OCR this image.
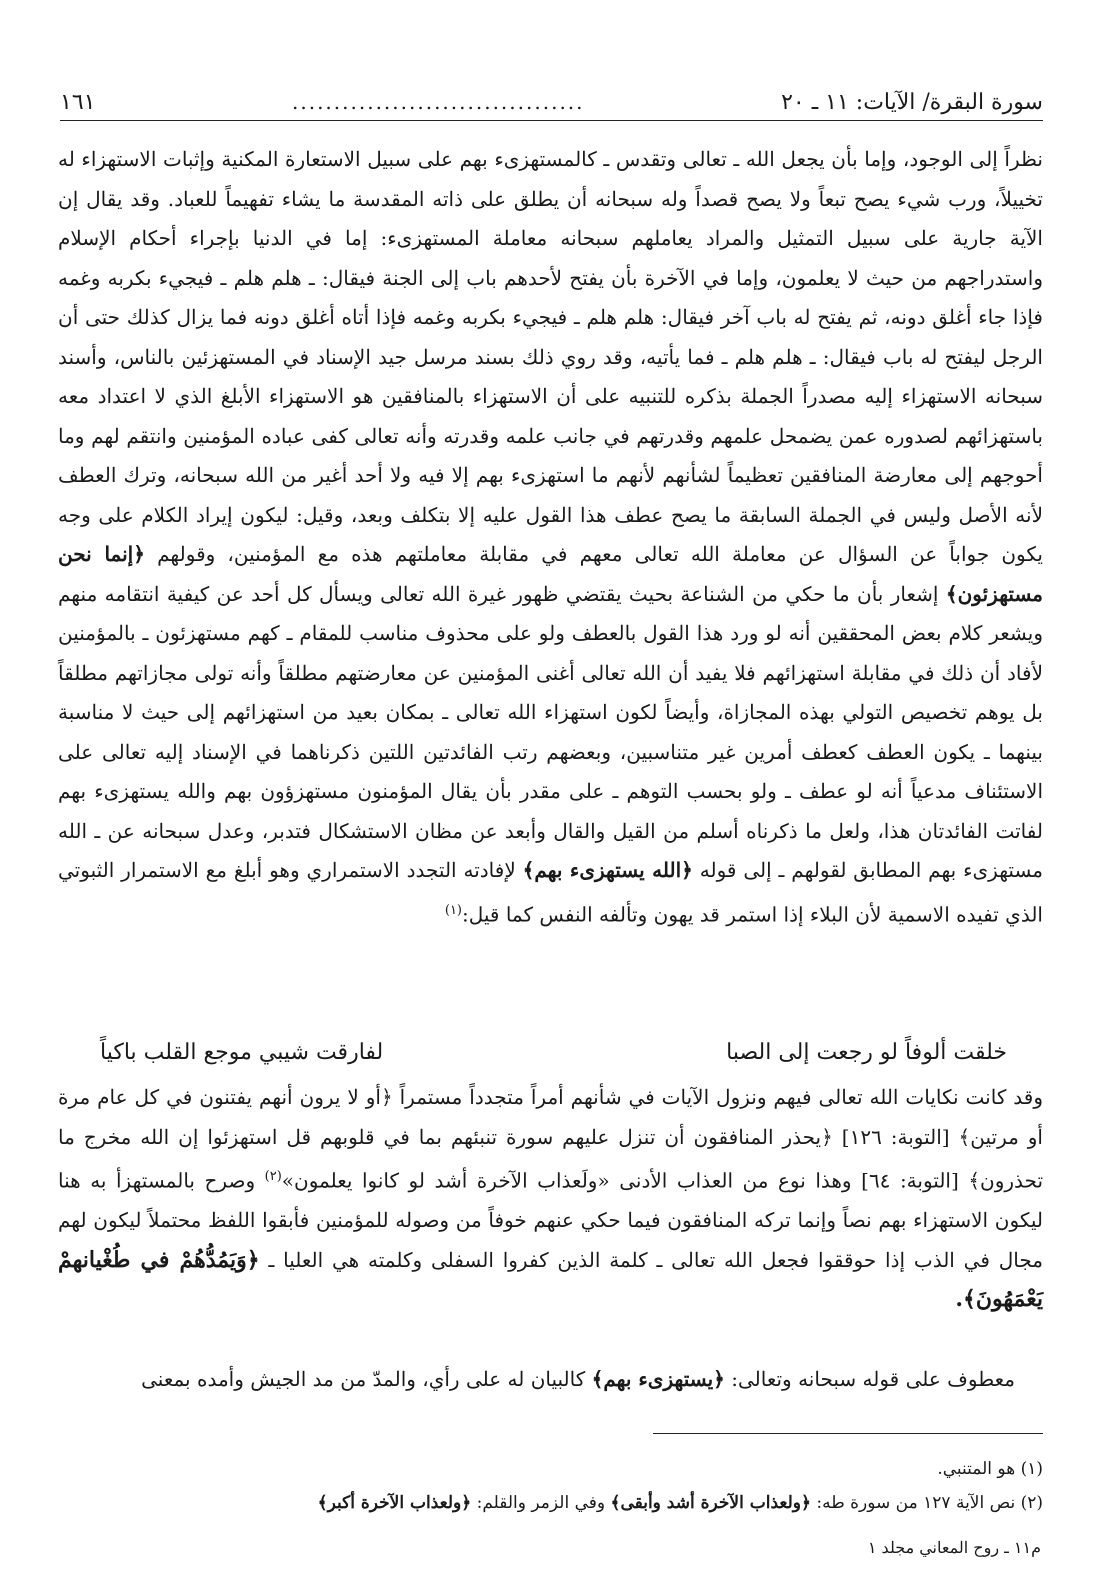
سورة البقرة/ الآيات: ١١ ـ ٢٠
...................................
١٦١

نظراً إلى الوجود، وإما بأن يجعل الله ـ تعالى وتقدس ـ كالمستهزىء بهم على سبيل الاستعارة المكنية وإثبات الاستهزاء له تخييلاً، ورب شيء يصح تبعاً ولا يصح قصداً وله سبحانه أن يطلق على ذاته المقدسة ما يشاء تفهيماً للعباد. وقد يقال إن الآية جارية على سبيل التمثيل والمراد يعاملهم سبحانه معاملة المستهزىء: إما في الدنيا بإجراء أحكام الإسلام واستدراجهم من حيث لا يعلمون، وإما في الآخرة بأن يفتح لأحدهم باب إلى الجنة فيقال: ـ هلم هلم ـ فيجيء بكربه وغمه فإذا جاء أغلق دونه، ثم يفتح له باب آخر فيقال: هلم هلم ـ فيجيء بكربه وغمه فإذا أتاه أغلق دونه فما يزال كذلك حتى أن الرجل ليفتح له باب فيقال: ـ هلم هلم ـ فما يأتيه، وقد روي ذلك بسند مرسل جيد الإسناد في المستهزئين بالناس، وأسند سبحانه الاستهزاء إليه مصدراً الجملة بذكره للتنبيه على أن الاستهزاء بالمنافقين هو الاستهزاء الأبلغ الذي لا اعتداد معه باستهزائهم لصدوره عمن يضمحل علمهم وقدرتهم في جانب علمه وقدرته وأنه تعالى كفى عباده المؤمنين وانتقم لهم وما أحوجهم إلى معارضة المنافقين تعظيماً لشأنهم لأنهم ما استهزىء بهم إلا فيه ولا أحد أغير من الله سبحانه، وترك العطف لأنه الأصل وليس في الجملة السابقة ما يصح عطف هذا القول عليه إلا بتكلف وبعد، وقيل: ليكون إيراد الكلام على وجه يكون جواباً عن السؤال عن معاملة الله تعالى معهم في مقابلة معاملتهم هذه مع المؤمنين، وقولهم ﴿إنما نحن مستهزئون﴾ إشعار بأن ما حكي من الشناعة بحيث يقتضي ظهور غيرة الله تعالى ويسأل كل أحد عن كيفية انتقامه منهم ويشعر كلام بعض المحققين أنه لو ورد هذا القول بالعطف ولو على محذوف مناسب للمقام ـ كهم مستهزئون ـ بالمؤمنين لأفاد أن ذلك في مقابلة استهزائهم فلا يفيد أن الله تعالى أغنى المؤمنين عن معارضتهم مطلقاً وأنه تولى مجازاتهم مطلقاً بل يوهم تخصيص التولي بهذه المجازاة، وأيضاً لكون استهزاء الله تعالى ـ بمكان بعيد من استهزائهم إلى حيث لا مناسبة بينهما ـ يكون العطف كعطف أمرين غير متناسبين، وبعضهم رتب الفائدتين اللتين ذكرناهما في الإسناد إليه تعالى على الاستئناف مدعياً أنه لو عطف ـ ولو بحسب التوهم ـ على مقدر بأن يقال المؤمنون مستهزؤون بهم والله يستهزىء بهم لفاتت الفائدتان هذا، ولعل ما ذكرناه أسلم من القيل والقال وأبعد عن مظان الاستشكال فتدبر، وعدل سبحانه عن ـ الله مستهزىء بهم المطابق لقولهم ـ إلى قوله ﴿الله يستهزىء بهم﴾ لإفادته التجدد الاستمراري وهو أبلغ مع الاستمرار الثبوتي الذي تفيده الاسمية لأن البلاء إذا استمر قد يهون وتألفه النفس كما قيل:$^{(١)}$

خلقت ألوفاً لو رجعت إلى الصبا
لفارقت شيبي موجع القلب باكياً

وقد كانت نكايات الله تعالى فيهم ونزول الآيات في شأنهم أمراً متجدداً مستمراً ﴿أو لا يرون أنهم يفتنون في كل عام مرة أو مرتين﴾ [التوبة: ١٢٦] ﴿يحذر المنافقون أن تنزل عليهم سورة تنبئهم بما في قلوبهم قل استهزئوا إن الله مخرج ما تحذرون﴾ [التوبة: ٦٤] وهذا نوع من العذاب الأدنى «ولَعذاب الآخرة أشد لو كانوا يعلمون»$^{(٢)}$ وصرح بالمستهزأ به هنا ليكون الاستهزاء بهم نصاً وإنما تركه المنافقون فيما حكي عنهم خوفاً من وصوله للمؤمنين فأبقوا اللفظ محتملاً ليكون لهم مجال في الذب إذا حوققوا فجعل الله تعالى ـ كلمة الذين كفروا السفلى وكلمته هي العليا ـ ﴿وَيَمُدُّهُمْ في طُغْيانهمْ يَعْمَهُونَ﴾.

معطوف على قوله سبحانه وتعالى: ﴿يستهزىء بهم﴾ كالبيان له على رأي، والمدّ من مد الجيش وأمده بمعنى

(١) هو المتنبي.

(٢) نص الآية ١٢٧ من سورة طه: ﴿ولعذاب الآخرة أشد وأبقى﴾ وفي الزمر والقلم: ﴿ولعذاب الآخرة أكبر﴾

م١١ ـ روح المعاني مجلد ١
